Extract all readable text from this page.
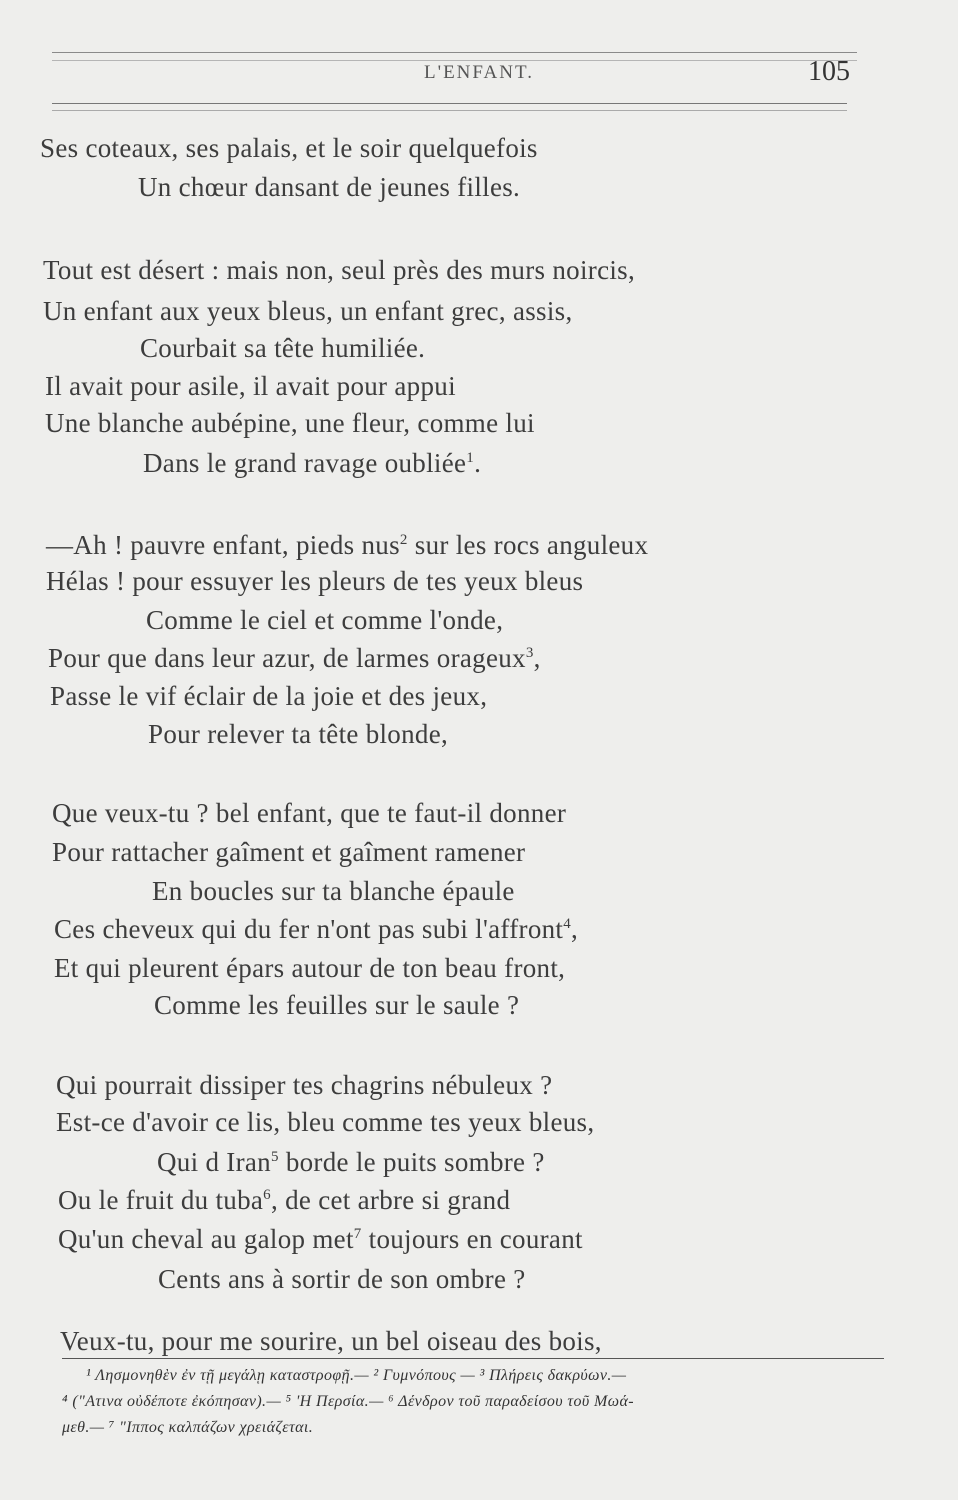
L'ENFANT.	105
Ses coteaux, ses palais, et le soir quelquefois
Un chœur dansant de jeunes filles.
Tout est désert : mais non, seul près des murs noircis,
Un enfant aux yeux bleus, un enfant grec, assis,
Courbait sa tête humiliée.
Il avait pour asile, il avait pour appui
Une blanche aubépine, une fleur, comme lui
Dans le grand ravage oubliée$^1$.
—Ah ! pauvre enfant, pieds nus$^2$ sur les rocs anguleux
Hélas ! pour essuyer les pleurs de tes yeux bleus
Comme le ciel et comme l'onde,
Pour que dans leur azur, de larmes orageux$^3$,
Passe le vif éclair de la joie et des jeux,
Pour relever ta tête blonde,
Que veux-tu ? bel enfant, que te faut-il donner
Pour rattacher gaîment et gaîment ramener
En boucles sur ta blanche épaule
Ces cheveux qui du fer n'ont pas subi l'affront$^4$,
Et qui pleurent épars autour de ton beau front,
Comme les feuilles sur le saule ?
Qui pourrait dissiper tes chagrins nébuleux ?
Est-ce d'avoir ce lis, bleu comme tes yeux bleus,
Qui d Iran$^5$ borde le puits sombre ?
Ou le fruit du tuba$^6$, de cet arbre si grand
Qu'un cheval au galop met$^7$ toujours en courant
Cents ans à sortir de son ombre ?
Veux-tu, pour me sourire, un bel oiseau des bois,
¹ Λησμονηθὲν ἐν τῇ μεγάλῃ καταστροφῇ.— ² Γυμνόπους — ³ Πλήρεις δακρύων.—
⁴ ("Ατινα οὐδέποτε ἐκόπησαν).— ⁵ 'Η Περσία.— ⁶ Δένδρον τοῦ παραδείσου τοῦ Μωά-
μεθ.— ⁷ "Ιππος καλπάζων χρειάζεται.
